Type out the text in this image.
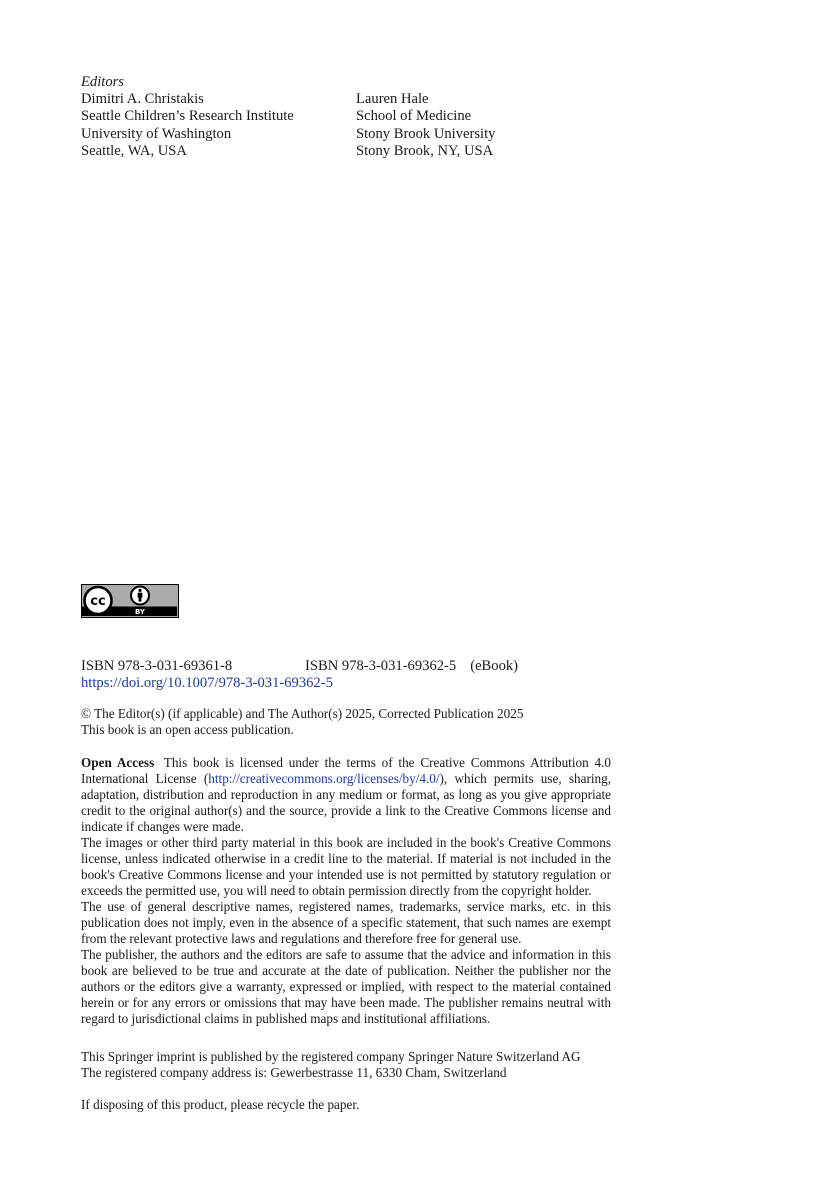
Editors
Dimitri A. Christakis
Seattle Children’s Research Institute
University of Washington
Seattle, WA, USA
Lauren Hale
School of Medicine
Stony Brook University
Stony Brook, NY, USA
cc
BY
ISBN 978-3-031-69361-8	ISBN 978-3-031-69362-5 (eBook)
https://doi.org/10.1007/978-3-031-69362-5
© The Editor(s) (if applicable) and The Author(s) 2025, Corrected Publication 2025
This book is an open access publication.

Open Access This book is licensed under the terms of the Creative Commons Attribution 4.0 International License (http://creativecommons.org/licenses/by/4.0/), which permits use, sharing, adaptation, distribution and reproduction in any medium or format, as long as you give appropriate credit to the original author(s) and the source, provide a link to the Creative Commons license and indicate if changes were made.

The images or other third party material in this book are included in the book's Creative Commons license, unless indicated otherwise in a credit line to the material. If material is not included in the book's Creative Commons license and your intended use is not permitted by statutory regulation or exceeds the permitted use, you will need to obtain permission directly from the copyright holder.

The use of general descriptive names, registered names, trademarks, service marks, etc. in this publication does not imply, even in the absence of a specific statement, that such names are exempt from the relevant protective laws and regulations and therefore free for general use.

The publisher, the authors and the editors are safe to assume that the advice and information in this book are believed to be true and accurate at the date of publication. Neither the publisher nor the authors or the editors give a warranty, expressed or implied, with respect to the material contained herein or for any errors or omissions that may have been made. The publisher remains neutral with regard to jurisdictional claims in published maps and institutional affiliations.

This Springer imprint is published by the registered company Springer Nature Switzerland AG
The registered company address is: Gewerbestrasse 11, 6330 Cham, Switzerland
If disposing of this product, please recycle the paper.
